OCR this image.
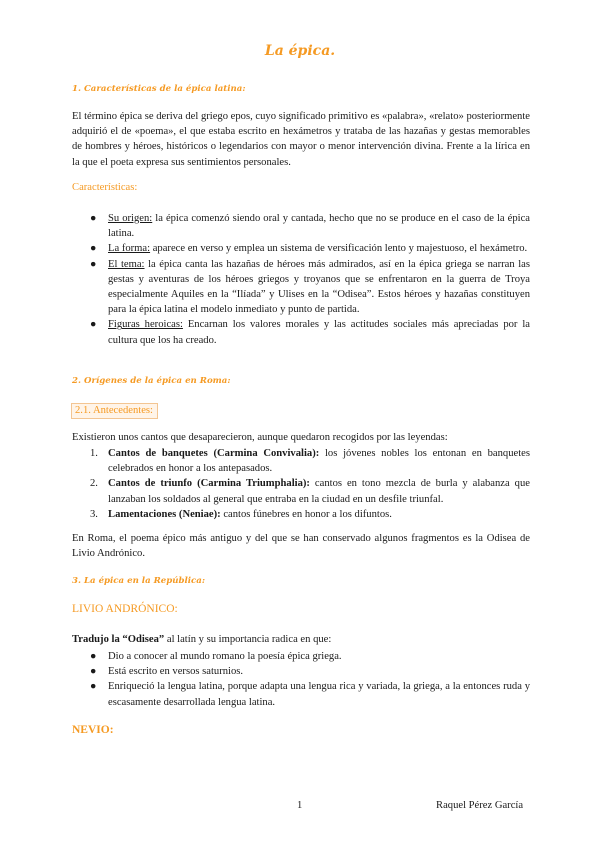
La épica.
1. Características de la épica latina:

El término épica se deriva del griego epos, cuyo significado primitivo es «palabra», «relato» posteriormente adquirió el de «poema», el que estaba escrito en hexámetros y trataba de las hazañas y gestas memorables de hombres y héroes, históricos o legendarios con mayor o menor intervención divina. Frente a la lírica en la que el poeta expresa sus sentimientos personales.

Características:
● Su origen: la épica comenzó siendo oral y cantada, hecho que no se produce en el caso de la épica latina.
● La forma: aparece en verso y emplea un sistema de versificación lento y majestuoso, el hexámetro.
● El tema: la épica canta las hazañas de héroes más admirados, así en la épica griega se narran las gestas y aventuras de los héroes griegos y troyanos que se enfrentaron en la guerra de Troya especialmente Aquiles en la “Ilíada” y Ulises en la “Odisea”. Estos héroes y hazañas constituyen para la épica latina el modelo inmediato y punto de partida.
● Figuras heroicas: Encarnan los valores morales y las actitudes sociales más apreciadas por la cultura que los ha creado.
2. Orígenes de la épica en Roma:
2.1. Antecedentes:
Existieron unos cantos que desaparecieron, aunque quedaron recogidos por las leyendas:
1. Cantos de banquetes (Carmina Convivalia): los jóvenes nobles los entonan en banquetes celebrados en honor a los antepasados.
2. Cantos de triunfo (Carmina Triumphalia): cantos en tono mezcla de burla y alabanza que lanzaban los soldados al general que entraba en la ciudad en un desfile triunfal.
3. Lamentaciones (Neniae): cantos fúnebres en honor a los difuntos.

En Roma, el poema épico más antiguo y del que se han conservado algunos fragmentos es la Odisea de Livio Andrónico.

3. La épica en la República:
LIVIO ANDRÓNICO:
Tradujo la “Odisea” al latín y su importancia radica en que:
● Dio a conocer al mundo romano la poesía épica griega.
● Está escrito en versos saturnios.
● Enriqueció la lengua latina, porque adapta una lengua rica y variada, la griega, a la entonces ruda y escasamente desarrollada lengua latina.
NEVIO:
1	Raquel Pérez García
